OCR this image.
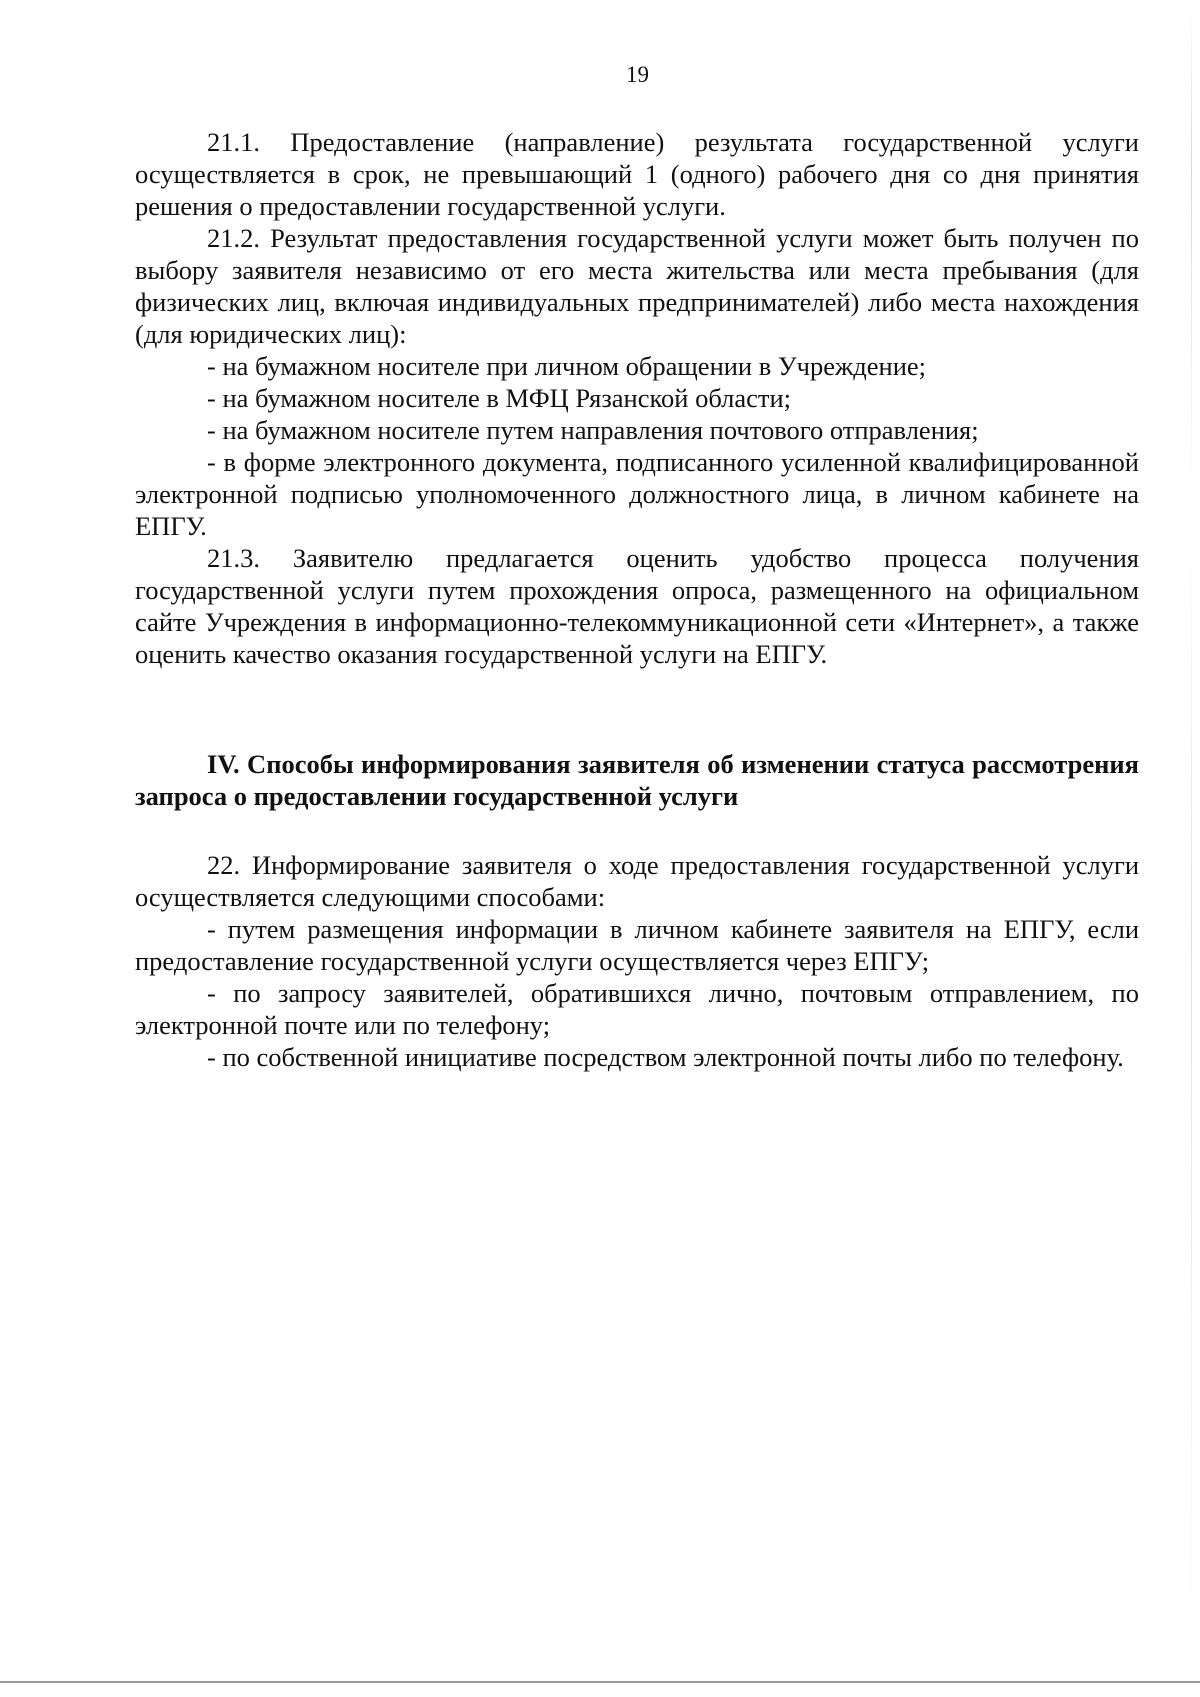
19

21.1. Предоставление (направление) результата государственной услуги осуществляется в срок, не превышающий 1 (одного) рабочего дня со дня принятия решения о предоставлении государственной услуги.

21.2. Результат предоставления государственной услуги может быть получен по выбору заявителя независимо от его места жительства или места пребывания (для физических лиц, включая индивидуальных предпринимателей) либо места нахождения (для юридических лиц):

- на бумажном носителе при личном обращении в Учреждение;

- на бумажном носителе в МФЦ Рязанской области;

- на бумажном носителе путем направления почтового отправления;

- в форме электронного документа, подписанного усиленной квалифицированной электронной подписью уполномоченного должностного лица, в личном кабинете на ЕПГУ.

21.3. Заявителю предлагается оценить удобство процесса получения государственной услуги путем прохождения опроса, размещенного на официальном сайте Учреждения в информационно-телекоммуникационной сети «Интернет», а также оценить качество оказания государственной услуги на ЕПГУ.

IV. Способы информирования заявителя об изменении статуса рассмотрения запроса о предоставлении государственной услуги

22. Информирование заявителя о ходе предоставления государственной услуги осуществляется следующими способами:

- путем размещения информации в личном кабинете заявителя на ЕПГУ, если предоставление государственной услуги осуществляется через ЕПГУ;

- по запросу заявителей, обратившихся лично, почтовым отправлением, по электронной почте или по телефону;

- по собственной инициативе посредством электронной почты либо по телефону.
